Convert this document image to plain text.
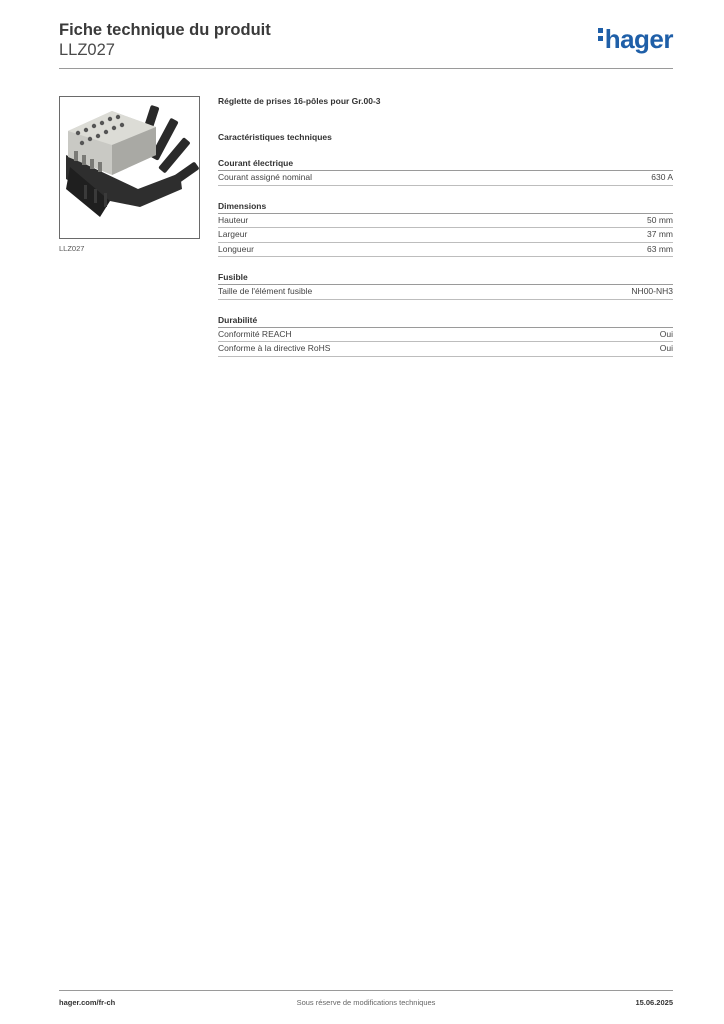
Fiche technique du produit
LLZ027	hager
LLZ027
Réglette de prises 16-pôles pour Gr.00-3
Caractéristiques techniques
Courant électrique
Courant assigné nominal	630 A
Dimensions
Hauteur	50 mm
Largeur	37 mm
Longueur	63 mm
Fusible
Taille de l'élément fusible	NH00-NH3
Durabilité
Conformité REACH	Oui
Conforme à la directive RoHS	Oui
hager.com/fr-ch	Sous réserve de modifications techniques	15.06.2025
